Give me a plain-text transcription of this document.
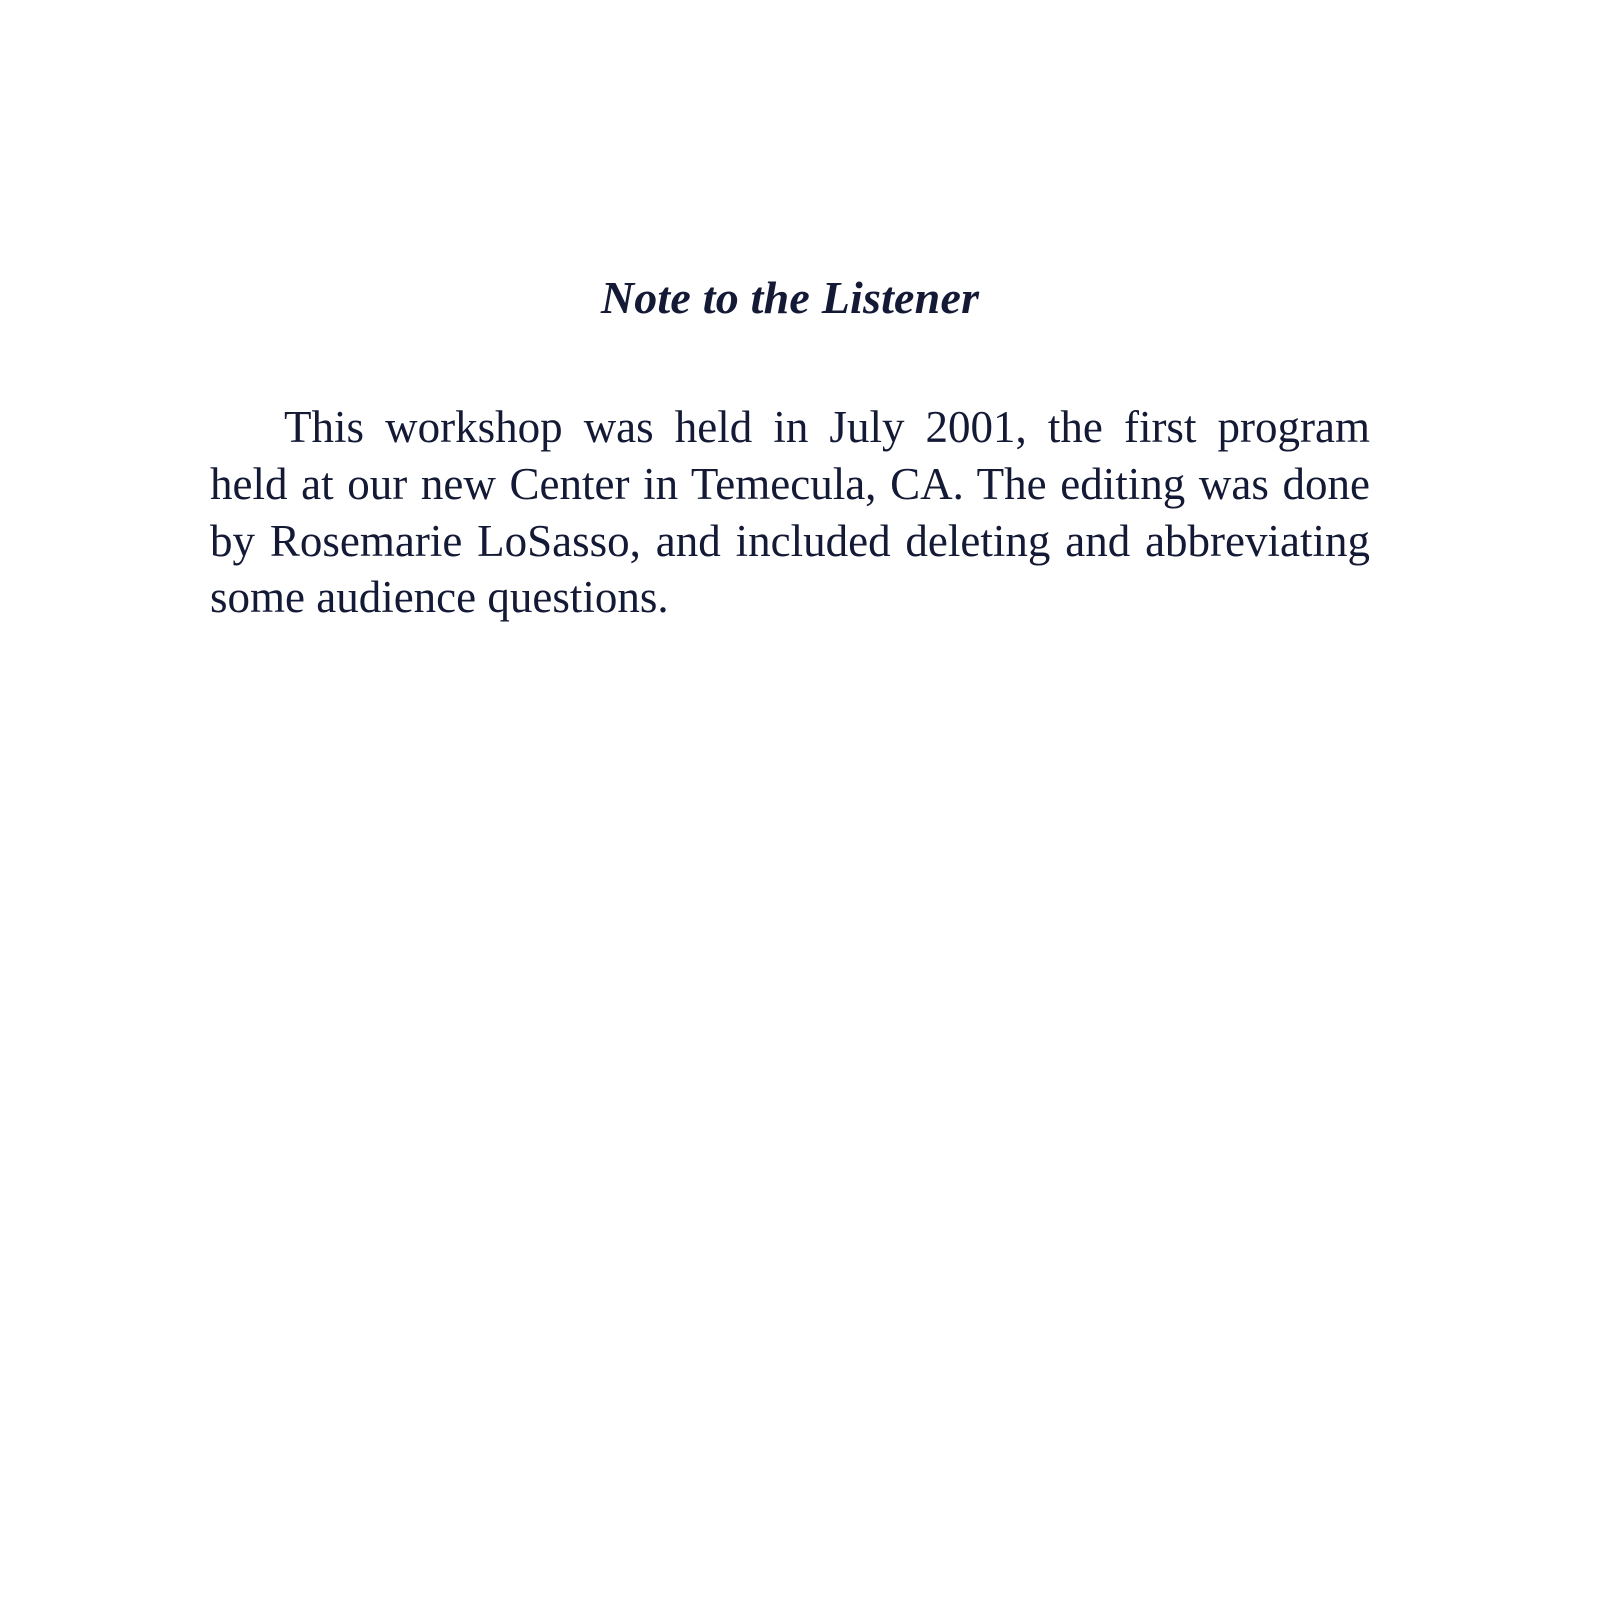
Note to the Listener

This workshop was held in July 2001, the first program held at our new Center in Temecula, CA. The editing was done by Rosemarie LoSasso, and included deleting and abbreviating some audience questions.
